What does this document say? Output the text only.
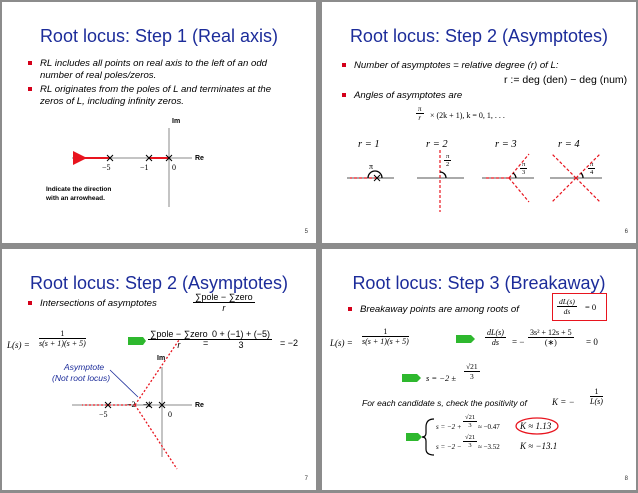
Root locus: Step 1 (Real axis)
RL includes all points on real axis to the left of an odd number of real poles/zeros.
RL originates from the poles of L and terminates at the zeros of L, including infinity zeros.
Im
Re
−5	−1	0
Indicate the direction
with an arrowhead.
5
Root locus: Step 2 (Asymptotes)
Number of asymptotes = relative degree (r) of L:
r := deg (den) − deg (num)
Angles of asymptotes are
$\frac{\pi}{r} \times (2k + 1)$, k = 0, 1, . . .
r = 1	r = 2	r = 3	r = 4
π	$\frac{\pi}{2}$
$\frac{\pi}{3}$	$\frac{\pi}{4}$
6
Root locus: Step 2 (Asymptotes)
Intersections of asymptotes
∑pole − ∑zero
r
$L(s) = \frac{1}{s(s + 1)(s + 5)}$	∑pole − ∑zero
r	= $\frac{0 + (-1) + (-5)}{3} = -2$
Im
Re
−5
−2 −1
0
Asymptote
(Not root locus)
7
Root locus: Step 3 (Breakaway)
Breakaway points are among roots of	$\frac{dL(s)}{ds} = 0$
$L(s) = \frac{1}{s(s + 1)(s + 5)}$	$\frac{dL(s)}{ds}$ = −
3s² + 12s + 5
(∗)	= 0
$s = -2 \pm \frac{√21}{3}$
For each candidate s, check the positivity of	K = − $\frac{1}{L(s)}$
$s = -2 + \frac{√21}{3} \approx -0.47$ K ≈ 1.13
$s = -2 - \frac{√21}{3} \approx -3.52$ K ≈ −13.1
8
